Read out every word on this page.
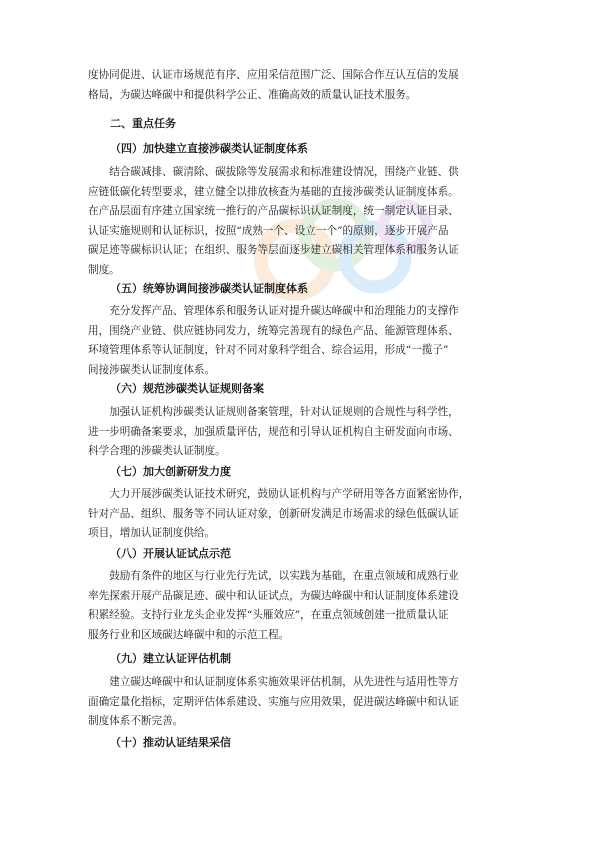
度协同促进、认证市场规范有序、应用采信范围广泛、国际合作互认互信的发展

格局，为碳达峰碳中和提供科学公正、准确高效的质量认证技术服务。

二、重点任务

（四）加快建立直接涉碳类认证制度体系

结合碳减排、碳清除、碳拔除等发展需求和标准建设情况，围绕产业链、供

应链低碳化转型要求，建立健全以排放核查为基础的直接涉碳类认证制度体系。

在产品层面有序建立国家统一推行的产品碳标识认证制度，统一制定认证目录、

认证实施规则和认证标识，按照“成熟一个、设立一个”的原则，逐步开展产品

碳足迹等碳标识认证；在组织、服务等层面逐步建立碳相关管理体系和服务认证

制度。

（五）统筹协调间接涉碳类认证制度体系

充分发挥产品、管理体系和服务认证对提升碳达峰碳中和治理能力的支撑作

用，围绕产业链、供应链协同发力，统筹完善现有的绿色产品、能源管理体系、

环境管理体系等认证制度，针对不同对象科学组合、综合运用，形成“一揽子”

间接涉碳类认证制度体系。

（六）规范涉碳类认证规则备案

加强认证机构涉碳类认证规则备案管理，针对认证规则的合规性与科学性，

进一步明确备案要求，加强质量评估，规范和引导认证机构自主研发面向市场、

科学合理的涉碳类认证制度。

（七）加大创新研发力度

大力开展涉碳类认证技术研究，鼓励认证机构与产学研用等各方面紧密协作，

针对产品、组织、服务等不同认证对象，创新研发满足市场需求的绿色低碳认证

项目，增加认证制度供给。

（八）开展认证试点示范

鼓励有条件的地区与行业先行先试，以实践为基础，在重点领域和成熟行业

率先探索开展产品碳足迹、碳中和认证试点，为碳达峰碳中和认证制度体系建设

积累经验。支持行业龙头企业发挥“头雁效应”，在重点领域创建一批质量认证

服务行业和区域碳达峰碳中和的示范工程。

（九）建立认证评估机制

建立碳达峰碳中和认证制度体系实施效果评估机制，从先进性与适用性等方

面确定量化指标，定期评估体系建设、实施与应用效果，促进碳达峰碳中和认证

制度体系不断完善。

（十）推动认证结果采信
